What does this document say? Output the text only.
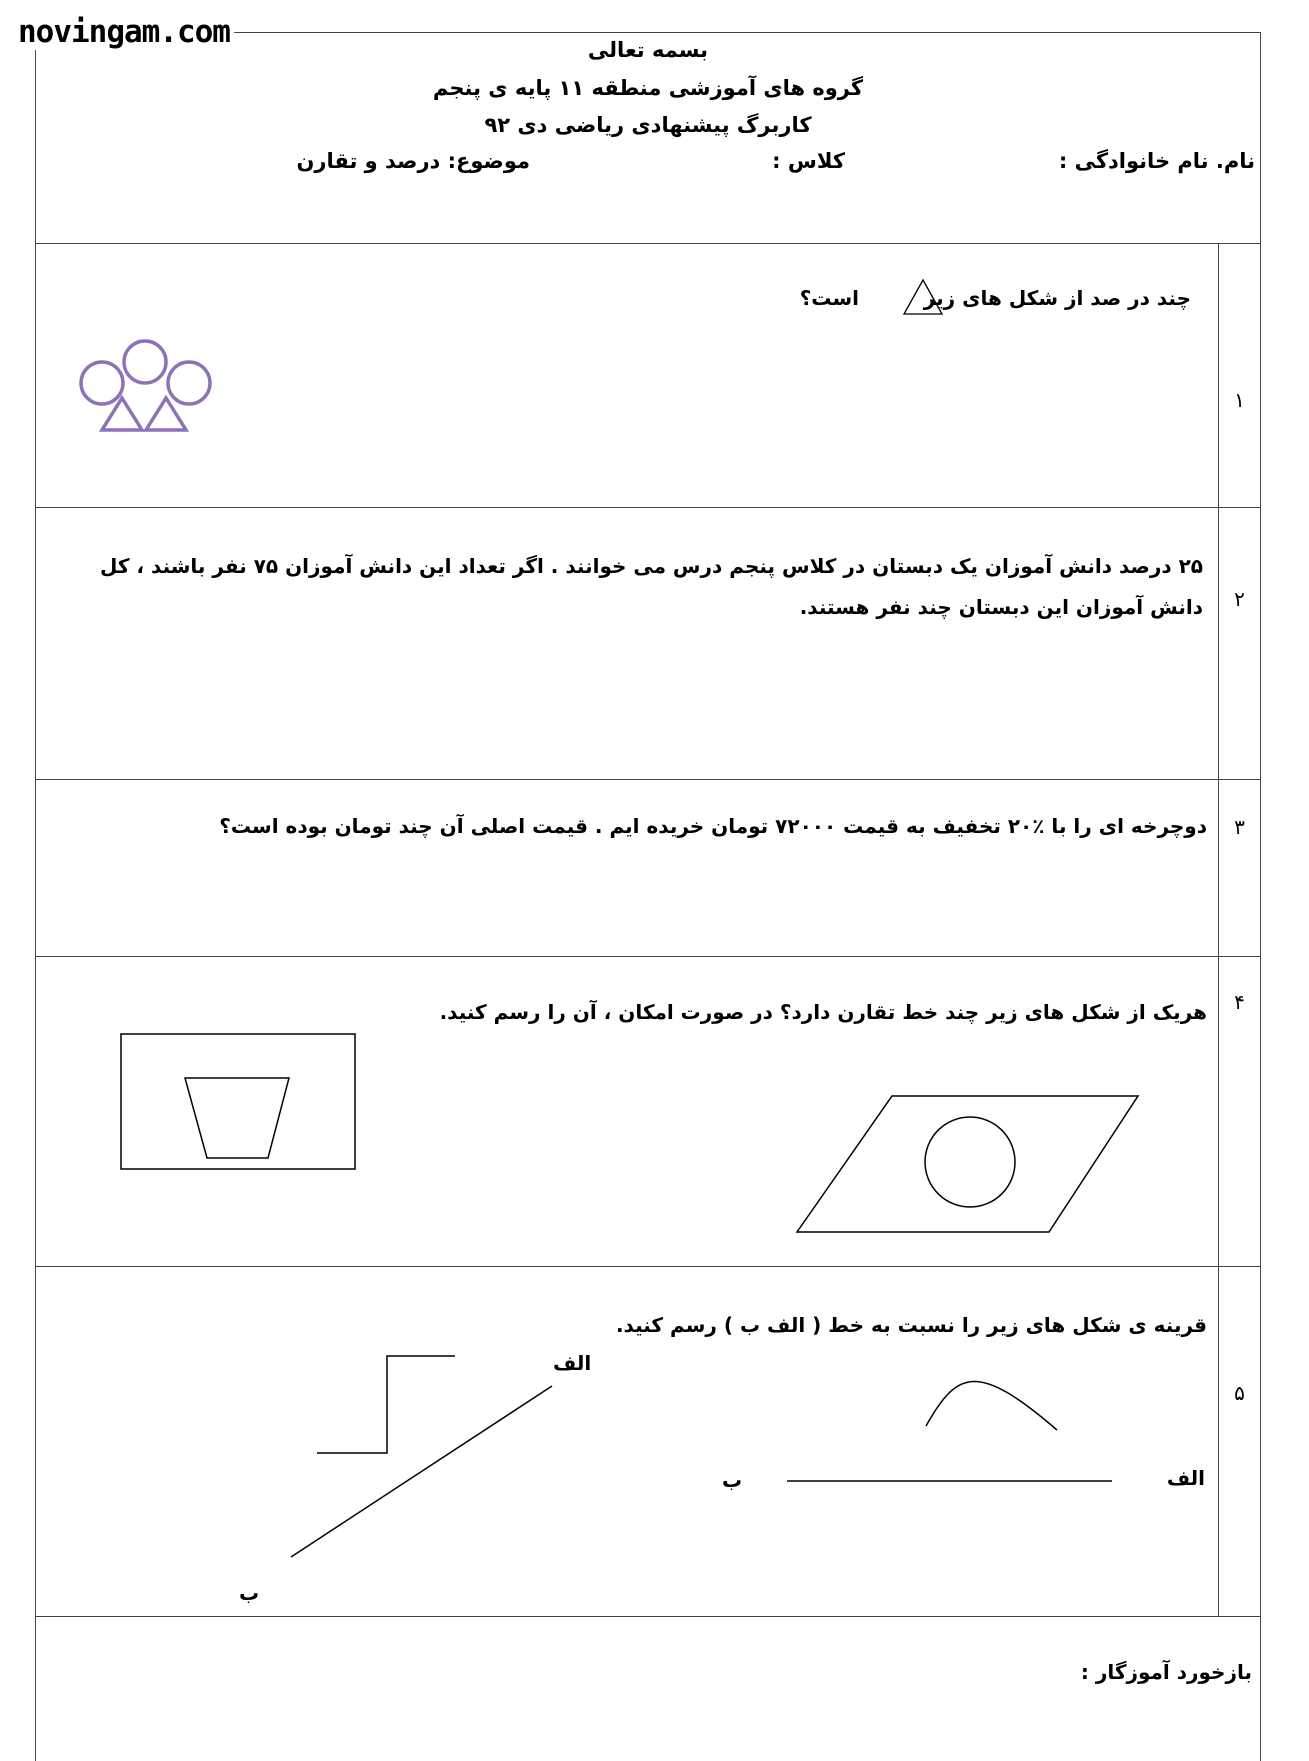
novingam.com	بسمه تعالی
گروه های آموزشی منطقه ۱۱ پایه ی پنجم
کاربرگ پیشنهادی ریاضی دی ۹۲
نام. نام خانوادگی :
کلاس :
موضوع: درصد و تقارن
۱
چند در صد از شکل های زیر
است؟
۲
۲۵ درصد دانش آموزان یک دبستان در کلاس پنجم درس می خوانند . اگر تعداد این دانش آموزان ۷۵ نفر باشند ، کل دانش آموزان این دبستان چند نفر هستند.
۳
دوچرخه ای را با ٪۲۰ تخفیف به قیمت ۷۲۰۰۰ تومان خریده ایم . قیمت اصلی آن چند تومان بوده است؟
۴
هریک از شکل های زیر چند خط تقارن دارد؟ در صورت امکان ، آن را رسم کنید.
۵
قرینه ی شکل های زیر را نسبت به خط ( الف ب ) رسم کنید.
الف
ب
الف
ب
بازخورد آموزگار :
